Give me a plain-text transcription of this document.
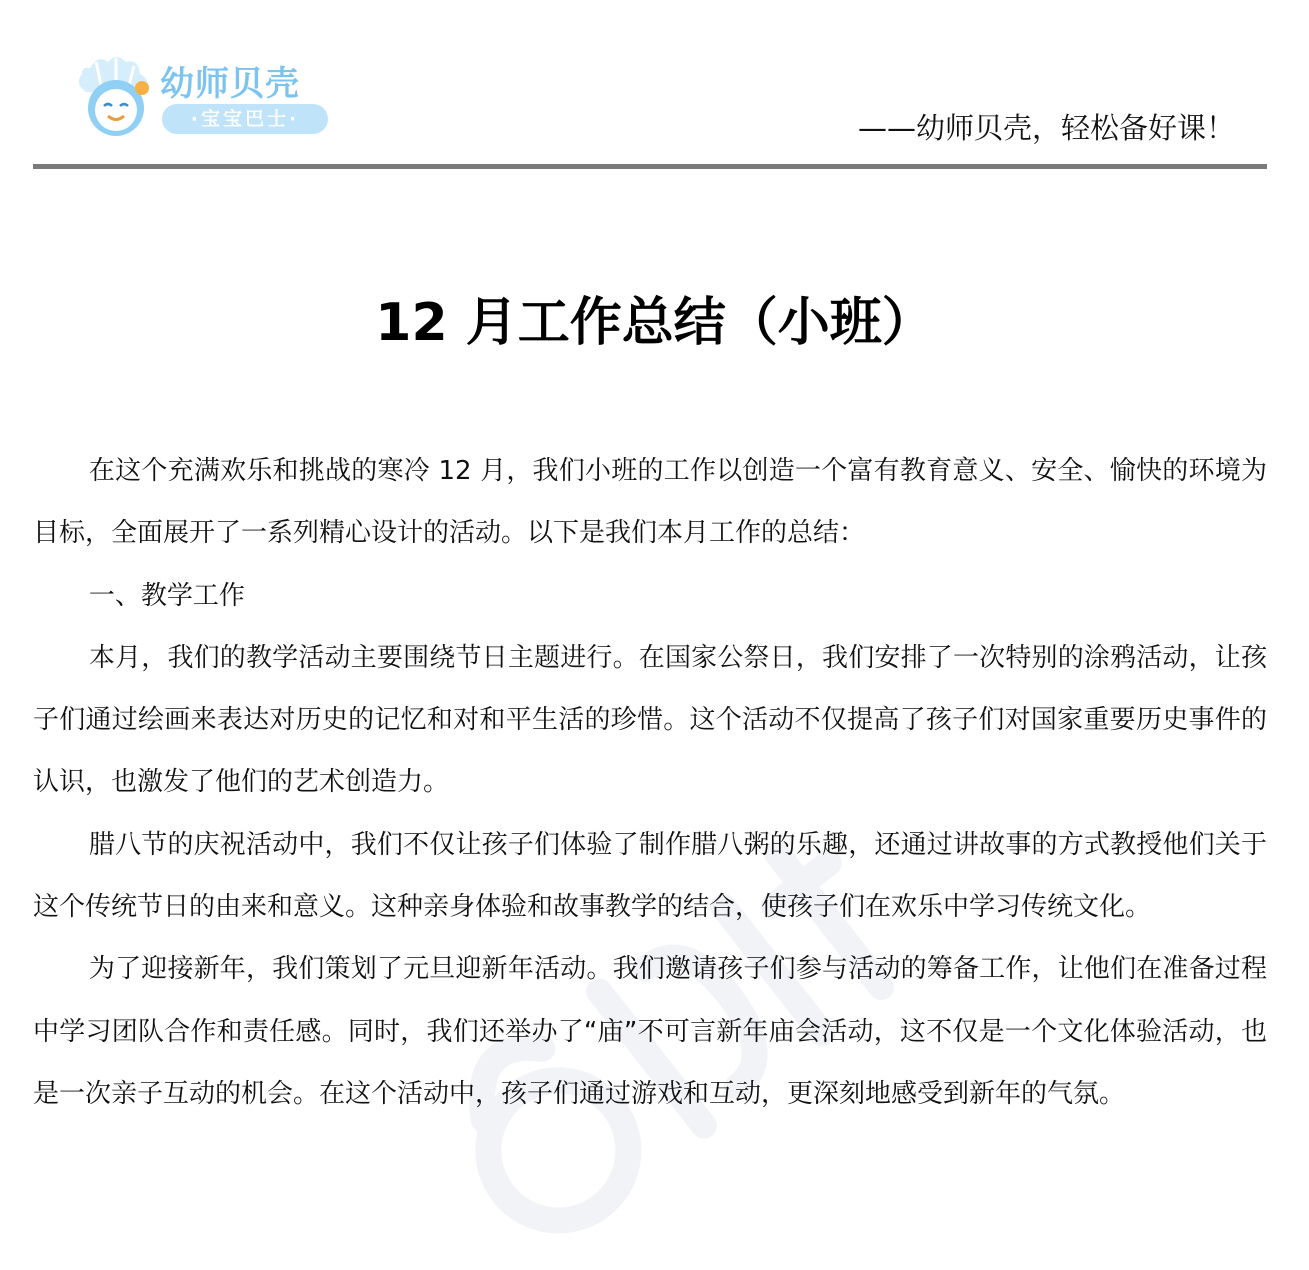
幼师贝壳
·宝宝巴士·	——幼师贝壳，轻松备好课！
12 月工作总结（小班）

在这个充满欢乐和挑战的寒冷 12 月，我们小班的工作以创造一个富有教育意义、安全、愉快的环境为目标，全面展开了一系列精心设计的活动。以下是我们本月工作的总结：

一、教学工作

本月，我们的教学活动主要围绕节日主题进行。在国家公祭日，我们安排了一次特别的涂鸦活动，让孩子们通过绘画来表达对历史的记忆和对和平生活的珍惜。这个活动不仅提高了孩子们对国家重要历史事件的认识，也激发了他们的艺术创造力。

腊八节的庆祝活动中，我们不仅让孩子们体验了制作腊八粥的乐趣，还通过讲故事的方式教授他们关于这个传统节日的由来和意义。这种亲身体验和故事教学的结合，使孩子们在欢乐中学习传统文化。

为了迎接新年，我们策划了元旦迎新年活动。我们邀请孩子们参与活动的筹备工作，让他们在准备过程中学习团队合作和责任感。同时，我们还举办了“庙”不可言新年庙会活动，这不仅是一个文化体验活动，也是一次亲子互动的机会。在这个活动中，孩子们通过游戏和互动，更深刻地感受到新年的气氛。
